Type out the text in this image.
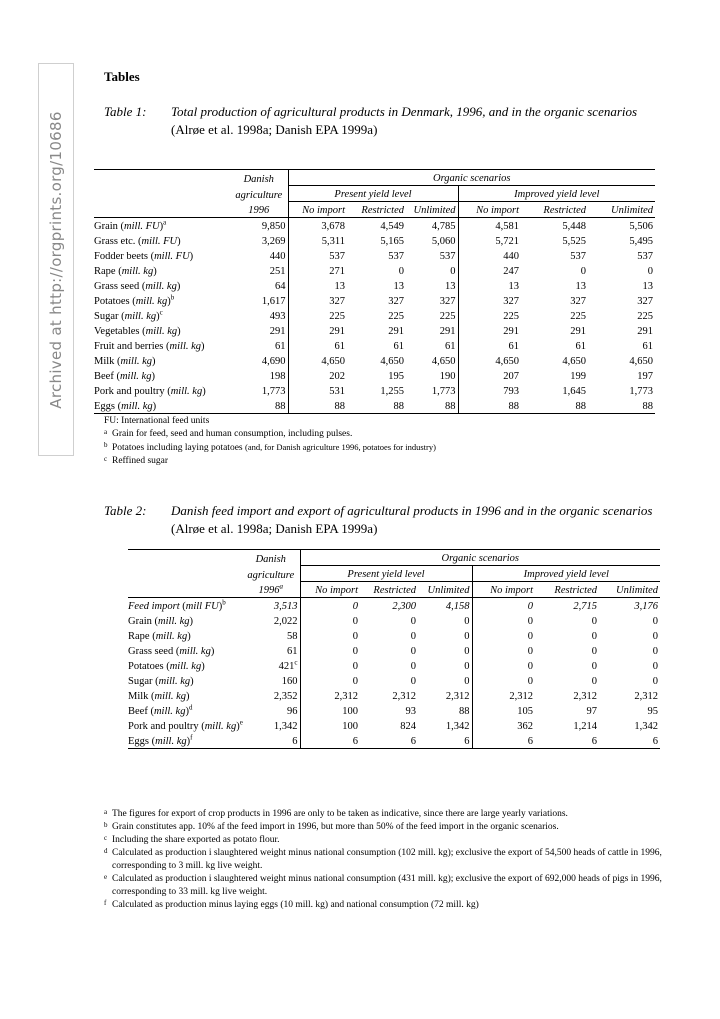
Archived at http://orgprints.org/10686
Tables
Table 1: Total production of agricultural products in Denmark, 1996, and in the organic scenarios (Alrøe et al. 1998a; Danish EPA 1999a)
	Danish	Organic scenarios					
	agriculture	Present yield level			Improved yield level		
	1996	No import	Restricted	Unlimited	No import	Restricted	Unlimited
Grain (mill. FU)$^a$	9,850	3,678	4,549	4,785	4,581	5,448	5,506
Grass etc. (mill. FU)	3,269	5,311	5,165	5,060	5,721	5,525	5,495
Fodder beets (mill. FU)	440	537	537	537	440	537	537
Rape (mill. kg)	251	271	0	0	247	0	0
Grass seed (mill. kg)	64	13	13	13	13	13	13
Potatoes (mill. kg)$^b$	1,617	327	327	327	327	327	327
Sugar (mill. kg)$^c$	493	225	225	225	225	225	225
Vegetables (mill. kg)	291	291	291	291	291	291	291
Fruit and berries (mill. kg)	61	61	61	61	61	61	61
Milk (mill. kg)	4,690	4,650	4,650	4,650	4,650	4,650	4,650
Beef (mill. kg)	198	202	195	190	207	199	197
Pork and poultry (mill. kg)	1,773	531	1,255	1,773	793	1,645	1,773
Eggs (mill. kg)	88	88	88	88	88	88	88
FU: International feed units
a Grain for feed, seed and human consumption, including pulses.
b Potatoes including laying potatoes (and, for Danish agriculture 1996, potatoes for industry)
c Reffined sugar
Table 2: Danish feed import and export of agricultural products in 1996 and in the organic scenarios (Alrøe et al. 1998a; Danish EPA 1999a)
	Danish	Organic scenarios					
	agriculture	Present yield level			Improved yield level		
	1996$^a$	No import	Restricted	Unlimited	No import	Restricted	Unlimited
Feed import (mill FU)$^b$	3,513	0	2,300	4,158	0	2,715	3,176
Grain (mill. kg)	2,022	0	0	0	0	0	0
Rape (mill. kg)	58	0	0	0	0	0	0
Grass seed (mill. kg)	61	0	0	0	0	0	0
Potatoes (mill. kg)	421$^c$	0	0	0	0	0	0
Sugar (mill. kg)	160	0	0	0	0	0	0
Milk (mill. kg)	2,352	2,312	2,312	2,312	2,312	2,312	2,312
Beef (mill. kg)$^d$	96	100	93	88	105	97	95
Pork and poultry (mill. kg)$^e$	1,342	100	824	1,342	362	1,214	1,342
Eggs (mill. kg)$^f$	6	6	6	6	6	6	6
a The figures for export of crop products in 1996 are only to be taken as indicative, since there are large yearly variations.
b Grain constitutes app. 10% af the feed import in 1996, but more than 50% of the feed import in the organic scenarios.
c Including the share exported as potato flour.
d Calculated as production i slaughtered weight minus national consumption (102 mill. kg); exclusive the export of 54,500 heads of cattle in 1996, corresponding to 3 mill. kg live weight.
e Calculated as production i slaughtered weight minus national consumption (431 mill. kg); exclusive the export of 692,000 heads of pigs in 1996, corresponding to 33 mill. kg live weight.
f Calculated as production minus laying eggs (10 mill. kg) and national consumption (72 mill. kg)
